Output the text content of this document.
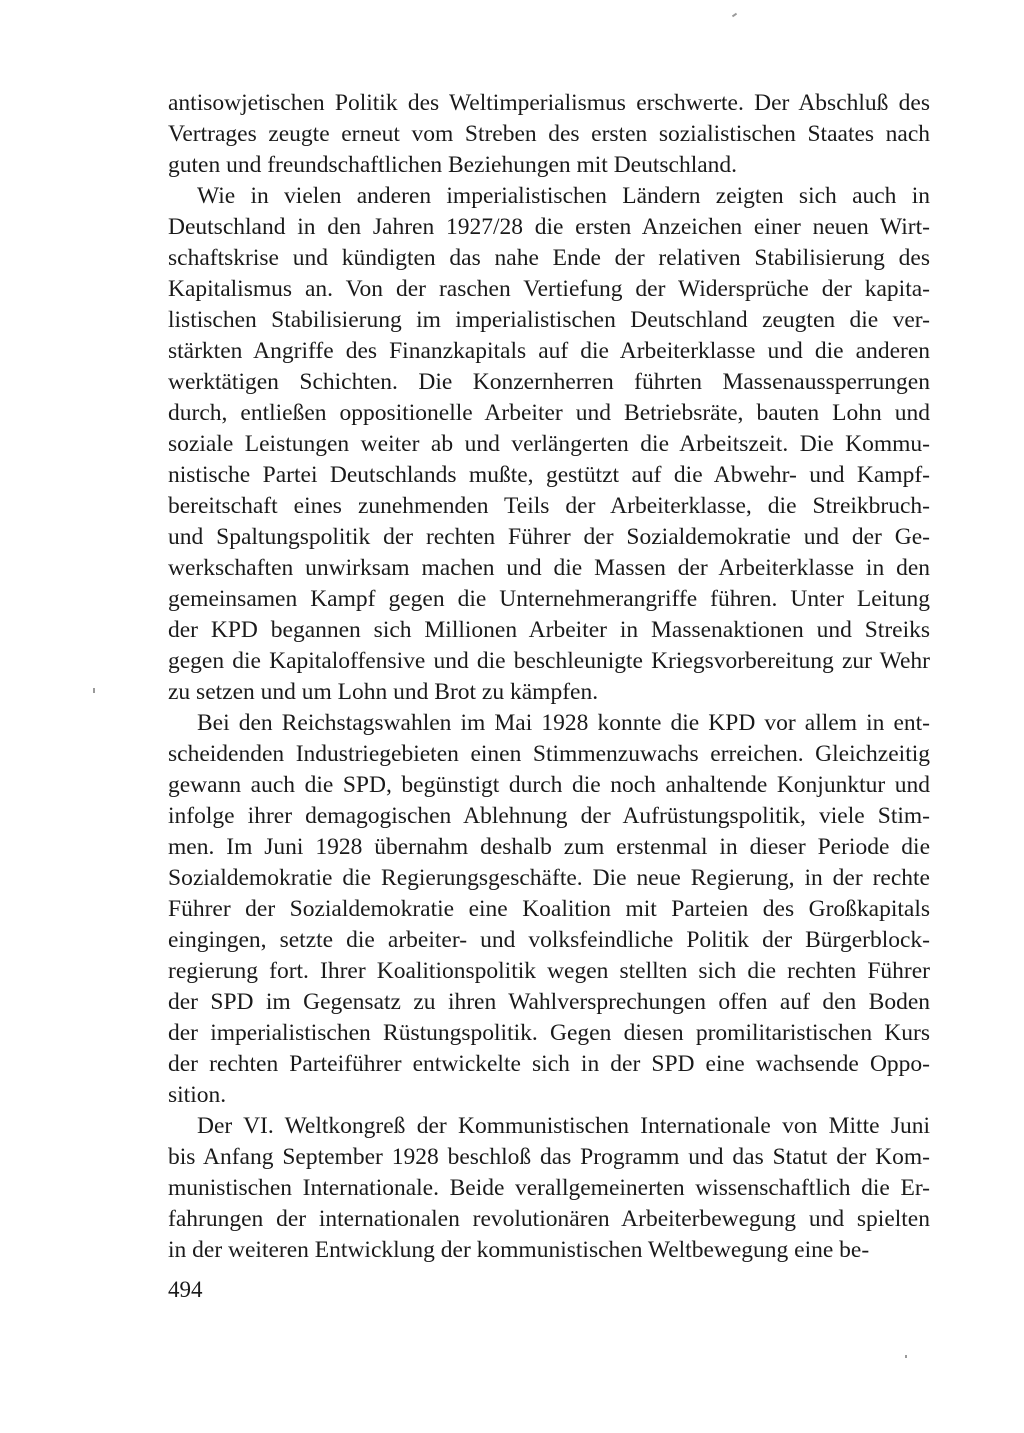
antisowjetischen Politik des Weltimperialismus erschwerte. Der Abschluß des
Vertrages zeugte erneut vom Streben des ersten sozialistischen Staates nach
guten und freundschaftlichen Beziehungen mit Deutschland.
Wie in vielen anderen imperialistischen Ländern zeigten sich auch in
Deutschland in den Jahren 1927/28 die ersten Anzeichen einer neuen Wirt-
schaftskrise und kündigten das nahe Ende der relativen Stabilisierung des
Kapitalismus an. Von der raschen Vertiefung der Widersprüche der kapita-
listischen Stabilisierung im imperialistischen Deutschland zeugten die ver-
stärkten Angriffe des Finanzkapitals auf die Arbeiterklasse und die anderen
werktätigen Schichten. Die Konzernherren führten Massenaussperrungen
durch, entließen oppositionelle Arbeiter und Betriebsräte, bauten Lohn und
soziale Leistungen weiter ab und verlängerten die Arbeitszeit. Die Kommu-
nistische Partei Deutschlands mußte, gestützt auf die Abwehr- und Kampf-
bereitschaft eines zunehmenden Teils der Arbeiterklasse, die Streikbruch-
und Spaltungspolitik der rechten Führer der Sozialdemokratie und der Ge-
werkschaften unwirksam machen und die Massen der Arbeiterklasse in den
gemeinsamen Kampf gegen die Unternehmerangriffe führen. Unter Leitung
der KPD begannen sich Millionen Arbeiter in Massenaktionen und Streiks
gegen die Kapitaloffensive und die beschleunigte Kriegsvorbereitung zur Wehr
zu setzen und um Lohn und Brot zu kämpfen.
Bei den Reichstagswahlen im Mai 1928 konnte die KPD vor allem in ent-
scheidenden Industriegebieten einen Stimmenzuwachs erreichen. Gleichzeitig
gewann auch die SPD, begünstigt durch die noch anhaltende Konjunktur und
infolge ihrer demagogischen Ablehnung der Aufrüstungspolitik, viele Stim-
men. Im Juni 1928 übernahm deshalb zum erstenmal in dieser Periode die
Sozialdemokratie die Regierungsgeschäfte. Die neue Regierung, in der rechte
Führer der Sozialdemokratie eine Koalition mit Parteien des Großkapitals
eingingen, setzte die arbeiter- und volksfeindliche Politik der Bürgerblock-
regierung fort. Ihrer Koalitionspolitik wegen stellten sich die rechten Führer
der SPD im Gegensatz zu ihren Wahlversprechungen offen auf den Boden
der imperialistischen Rüstungspolitik. Gegen diesen promilitaristischen Kurs
der rechten Parteiführer entwickelte sich in der SPD eine wachsende Oppo-
sition.
Der VI. Weltkongreß der Kommunistischen Internationale von Mitte Juni
bis Anfang September 1928 beschloß das Programm und das Statut der Kom-
munistischen Internationale. Beide verallgemeinerten wissenschaftlich die Er-
fahrungen der internationalen revolutionären Arbeiterbewegung und spielten
in der weiteren Entwicklung der kommunistischen Weltbewegung eine be-
494
